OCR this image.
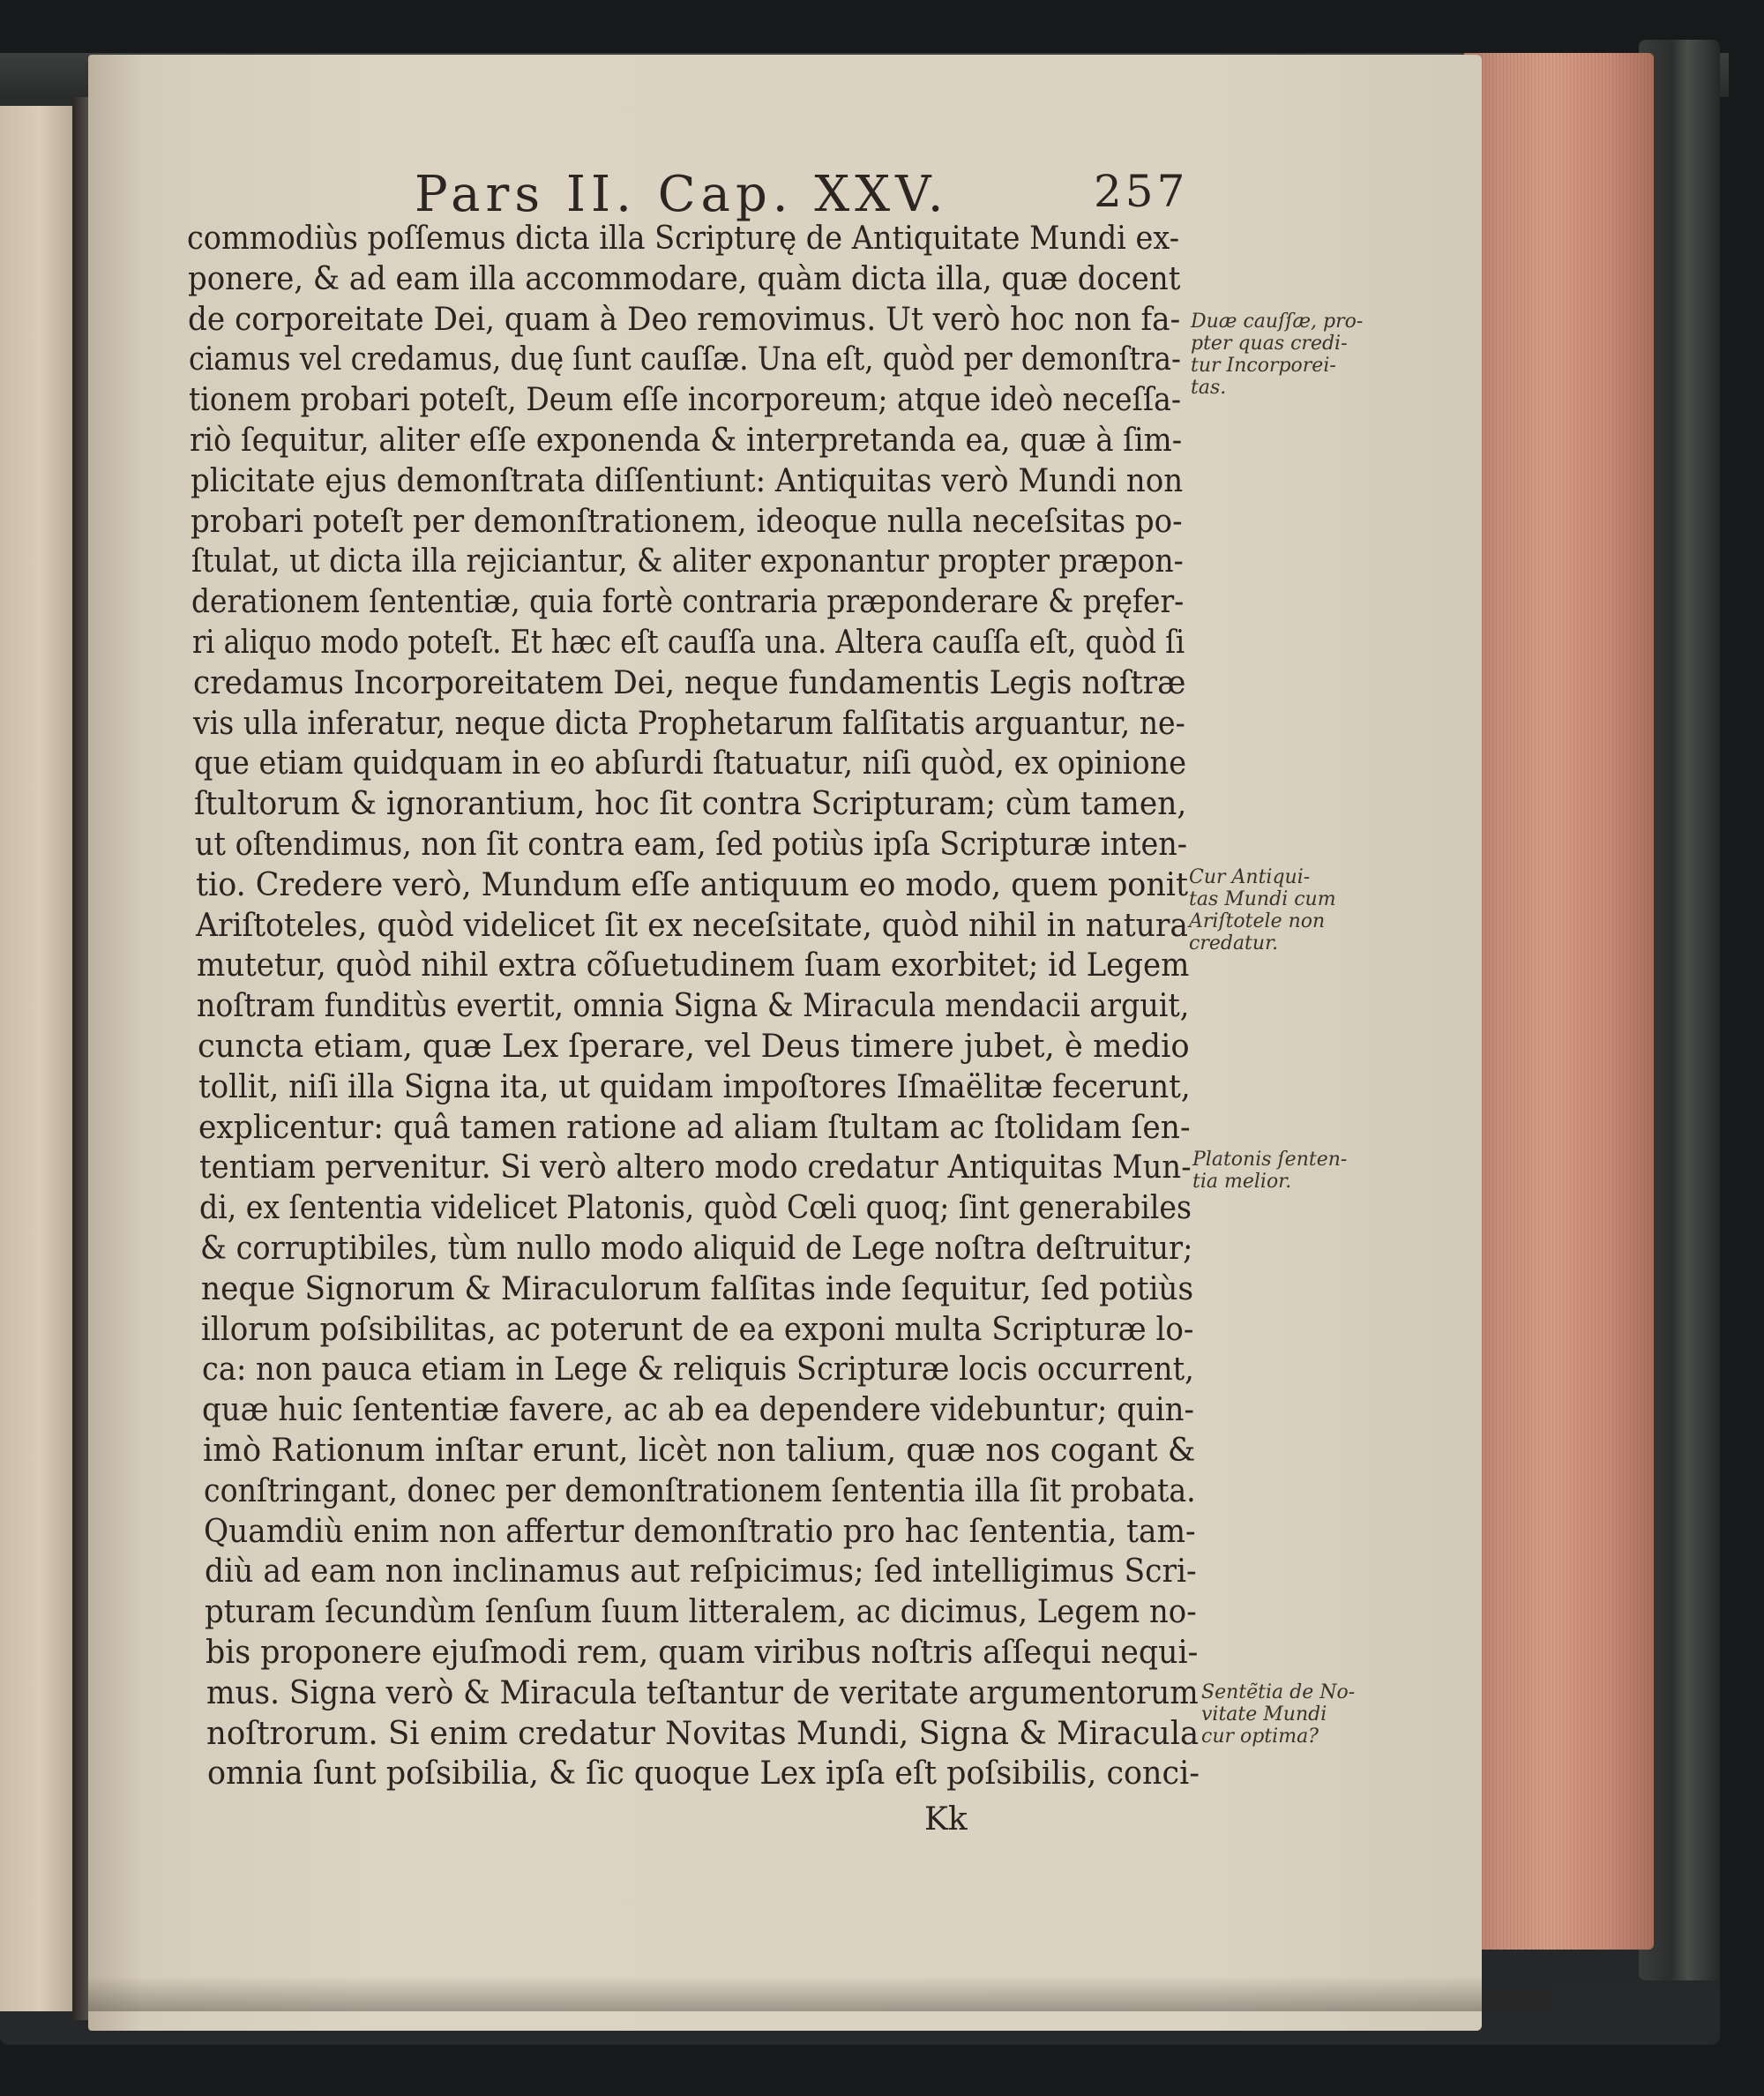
Pars II. Cap. XXV.	257
commodiùs poſſemus dicta illa Scripturę de Antiquitate Mundi ex-
ponere, & ad eam illa accommodare, quàm dicta illa, quæ docent
de corporeitate Dei, quam à Deo removimus. Ut verò hoc non fa-
ciamus vel credamus, duę ſunt cauſſæ. Una eſt, quòd per demonſtra-
tionem probari poteſt, Deum eſſe incorporeum; atque ideò neceſſa-
riò ſequitur, aliter eſſe exponenda & interpretanda ea, quæ à ſim-
plicitate ejus demonſtrata diſſentiunt: Antiquitas verò Mundi non
probari poteſt per demonſtrationem, ideoque nulla neceſsitas po-
ſtulat, ut dicta illa rejiciantur, & aliter exponantur propter præpon-
derationem ſententiæ, quia fortè contraria præponderare & pręfer-
ri aliquo modo poteſt. Et hæc eſt cauſſa una. Altera cauſſa eſt, quòd ſi
credamus Incorporeitatem Dei, neque fundamentis Legis noſtræ
vis ulla inferatur, neque dicta Prophetarum falſitatis arguantur, ne-
que etiam quidquam in eo abſurdi ſtatuatur, niſi quòd, ex opinione
ſtultorum & ignorantium, hoc ſit contra Scripturam; cùm tamen,
ut oſtendimus, non ſit contra eam, ſed potiùs ipſa Scripturæ inten-
tio. Credere verò, Mundum eſſe antiquum eo modo, quem ponit
Ariſtoteles, quòd videlicet ſit ex neceſsitate, quòd nihil in natura
mutetur, quòd nihil extra cõſuetudinem ſuam exorbitet; id Legem
noſtram funditùs evertit, omnia Signa & Miracula mendacii arguit,
cuncta etiam, quæ Lex ſperare, vel Deus timere jubet, è medio
tollit, niſi illa Signa ita, ut quidam impoſtores Iſmaëlitæ fecerunt,
explicentur: quâ tamen ratione ad aliam ſtultam ac ſtolidam ſen-
tentiam pervenitur. Si verò altero modo credatur Antiquitas Mun-
di, ex ſententia videlicet Platonis, quòd Cœli quoq; ſint generabiles
& corruptibiles, tùm nullo modo aliquid de Lege noſtra deſtruitur;
neque Signorum & Miraculorum falſitas inde ſequitur, ſed potiùs
illorum poſsibilitas, ac poterunt de ea exponi multa Scripturæ lo-
ca: non pauca etiam in Lege & reliquis Scripturæ locis occurrent,
quæ huic ſententiæ favere, ac ab ea dependere videbuntur; quin-
imò Rationum inſtar erunt, licèt non talium, quæ nos cogant &
conſtringant, donec per demonſtrationem ſententia illa ſit probata.
Quamdiù enim non affertur demonſtratio pro hac ſententia, tam-
diù ad eam non inclinamus aut reſpicimus; ſed intelligimus Scri-
pturam ſecundùm ſenſum ſuum litteralem, ac dicimus, Legem no-
bis proponere ejuſmodi rem, quam viribus noſtris aſſequi nequi-
mus. Signa verò & Miracula teſtantur de veritate argumentorum
noſtrorum. Si enim credatur Novitas Mundi, Signa & Miracula
omnia ſunt poſsibilia, & ſic quoque Lex ipſa eſt poſsibilis, conci-
Duæ cauſſæ, pro-
pter quas credi-
tur Incorporei-
tas.
Cur Antiqui-
tas Mundi cum
Ariſtotele non
credatur.
Platonis ſenten-
tia melior.
Sentẽtia de No-
vitate Mundi
cur optima?
Kk
